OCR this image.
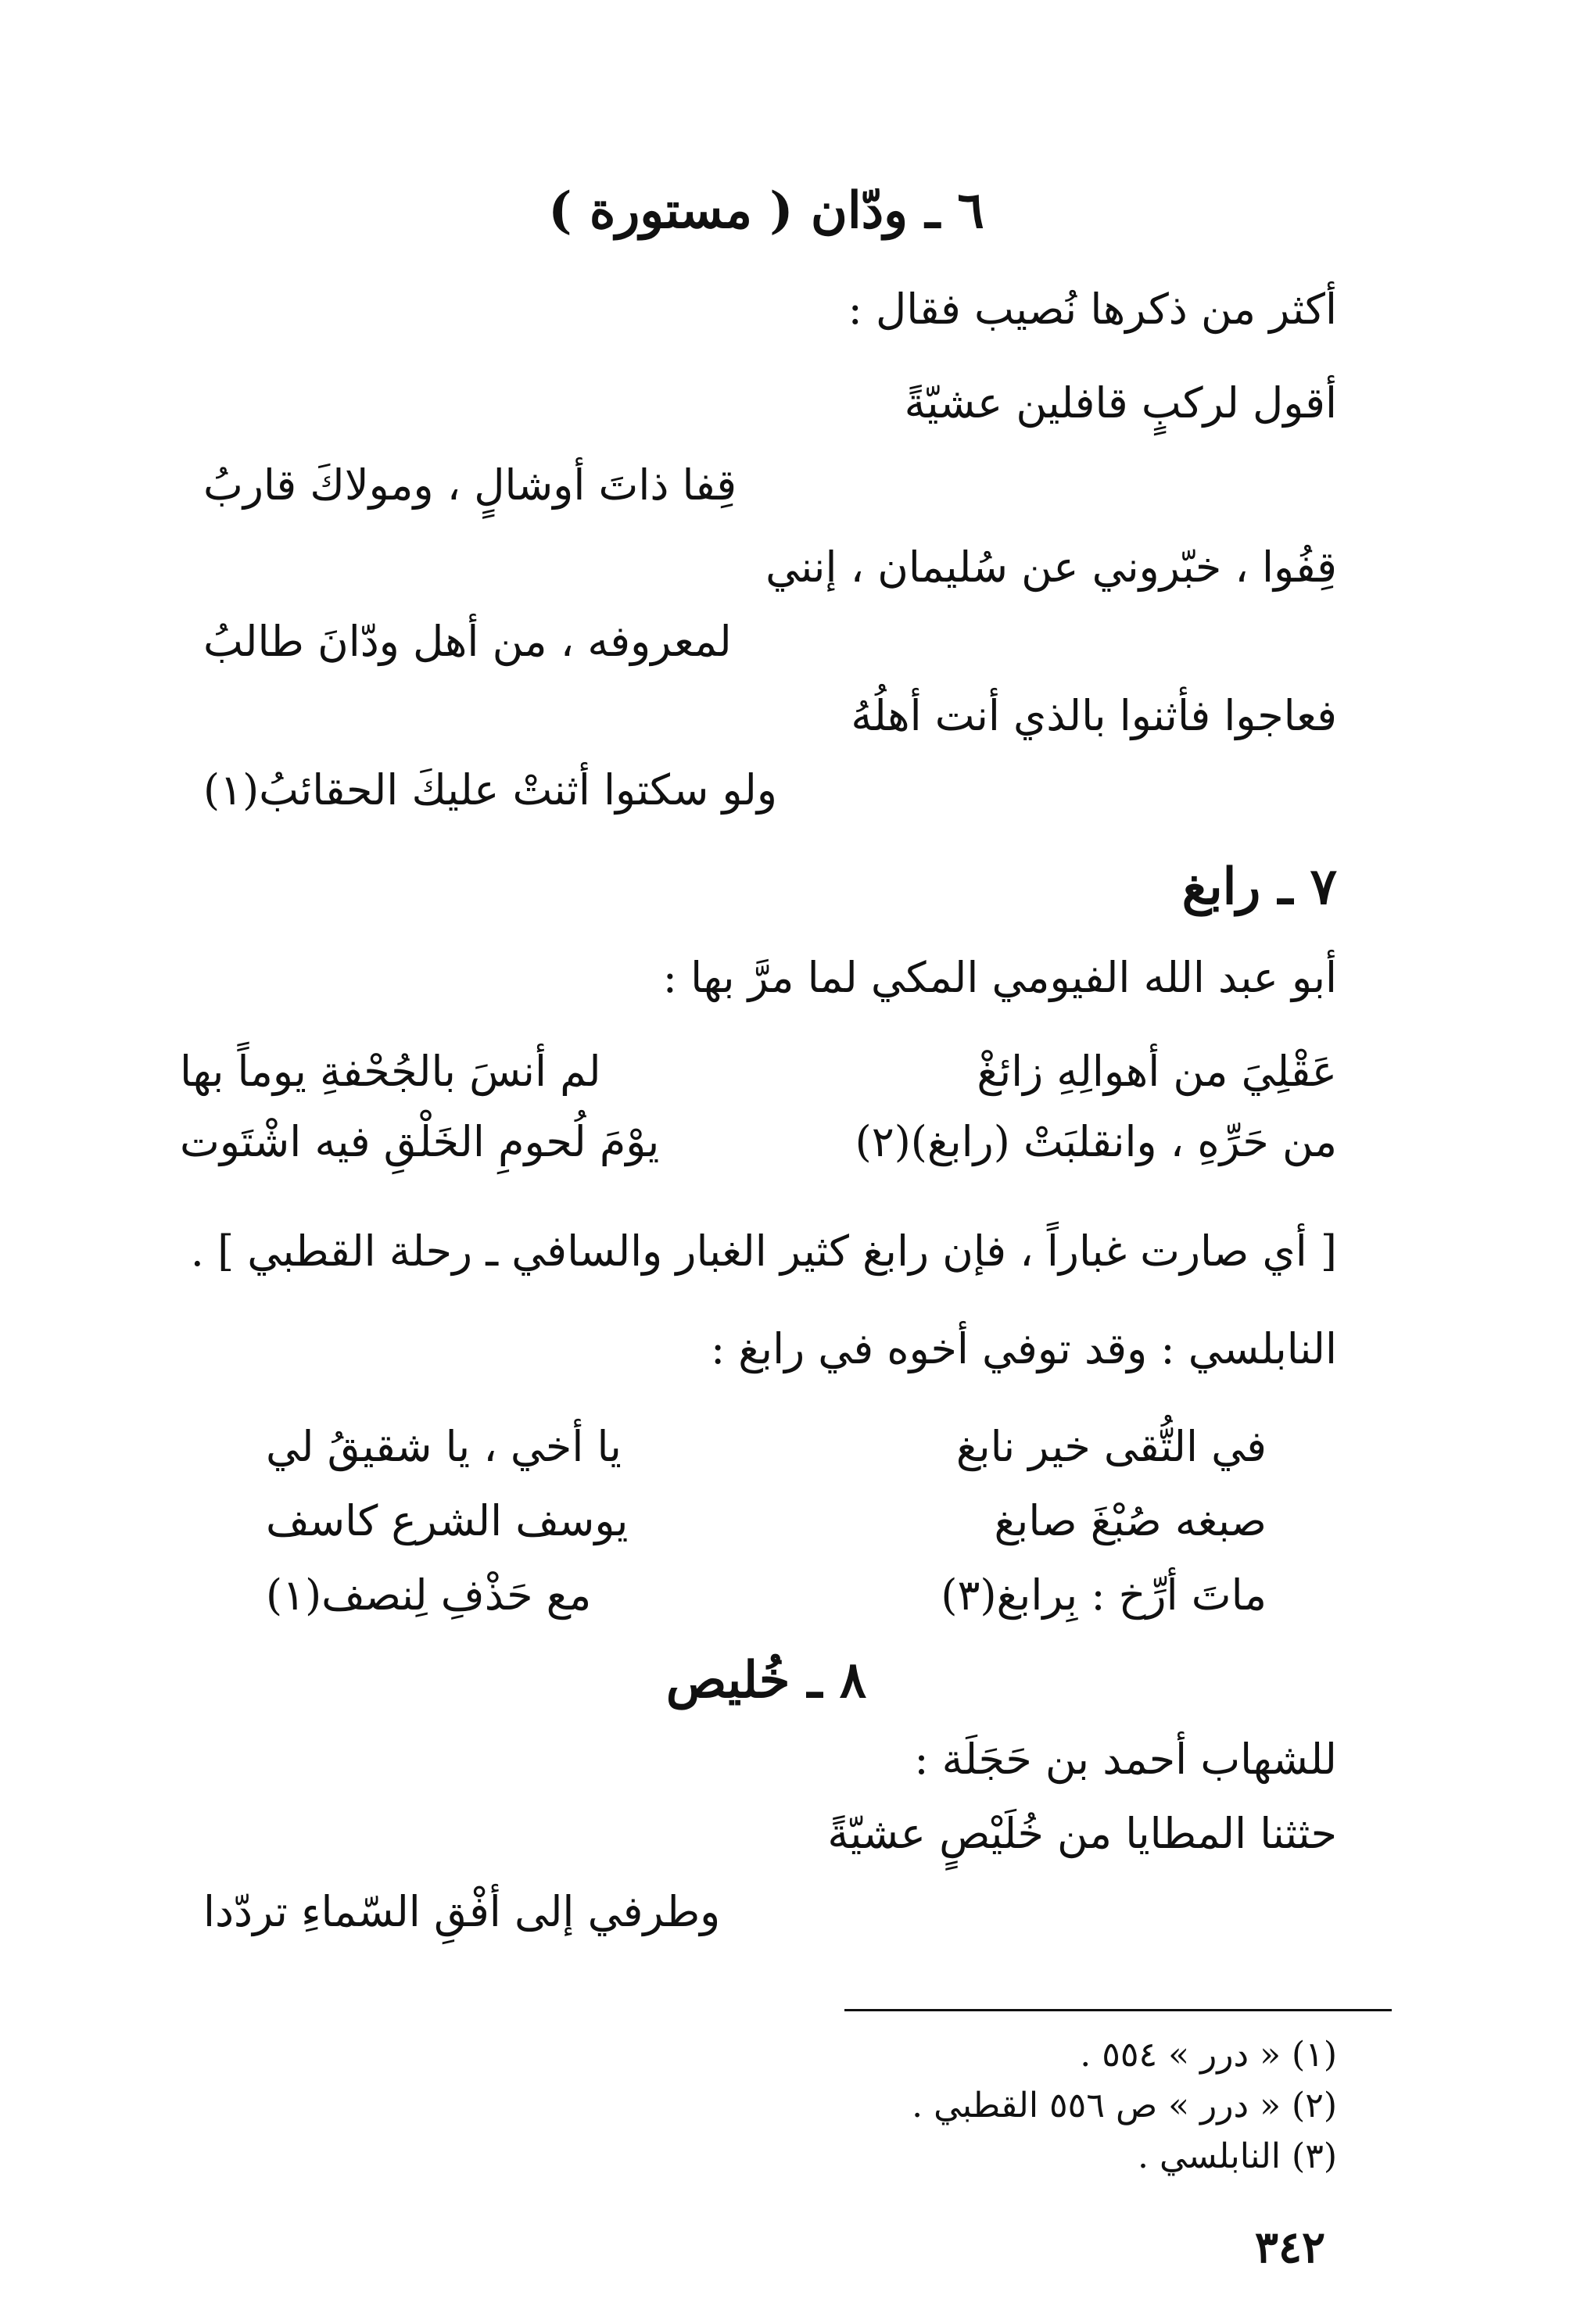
٦ ـ ودّان ( مستورة )
أكثر من ذكرها نُصيب فقال :
أقول لركبٍ قافلين عشيّةً
قِفا ذاتَ أوشالٍ ، ومولاكَ قاربُ
قِفُوا ، خبّروني عن سُليمان ، إنني
لمعروفه ، من أهل ودّانَ طالبُ
فعاجوا فأثنوا بالذي أنت أهلُهُ
ولو سكتوا أثنتْ عليكَ الحقائبُ(١)
٧ ـ رابغ
أبو عبد الله الفيومي المكي لما مرَّ بها :
لم أنسَ بالجُحْفةِ يوماً بها	عَقْلِيَ من أهوالِهِ زائغْ
يوْمَ لُحومِ الخَلْقِ فيه اشْتَوت	من حَرِّهِ ، وانقلبَتْ (رابغ)(٢)
[ أي صارت غباراً ، فإن رابغ كثير الغبار والسافي ـ رحلة القطبي ] .
النابلسي : وقد توفي أخوه في رابغ :
يا أخي ، يا شقيقُ لي	في التُّقى خير نابغ
يوسف الشرع كاسف	صبغه صُبْغَ صابغ
مع حَذْفِ لِنصف(١)	ماتَ أرِّخ : بِرابغ(٣)
٨ ـ خُليص
للشهاب أحمد بن حَجَلَة :
حثثنا المطايا من خُلَيْصٍ عشيّةً
وطرفي إلى أفْقِ السّماءِ تردّدا
(١) « درر » ٥٥٤ .
(٢) « درر » ص ٥٥٦ القطبي .
(٣) النابلسي .
٣٤٢
